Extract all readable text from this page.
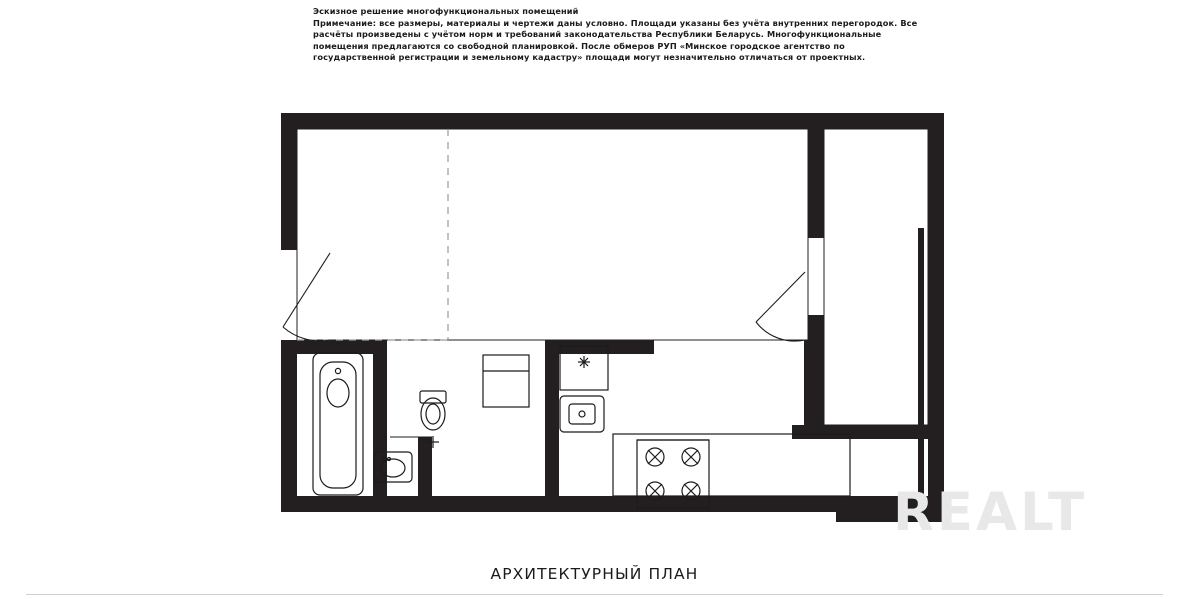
Эскизное решение многофункциональных помещений
Примечание: все размеры, материалы и чертежи даны условно. Площади указаны без учёта внутренних перегородок. Все расчёты произведены с учётом норм и требований законодательства Республики Беларусь. Многофункциональные помещения предлагаются со свободной планировкой. После обмеров РУП «Минское городское агентство по государственной регистрации и земельному кадастру» площади могут незначительно отличаться от проектных.
REALT
АРХИТЕКТУРНЫЙ ПЛАН
